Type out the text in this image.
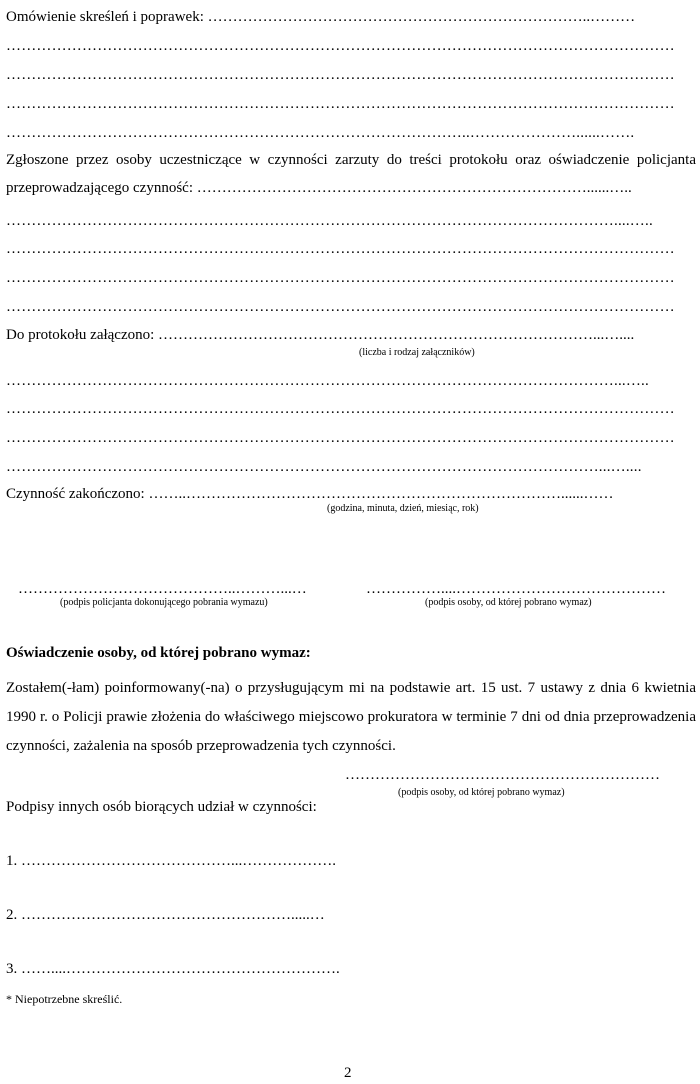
Omówienie skreśleń i poprawek: …………………………………………………………………..………
……………………………………………………………………………………………………………………
……………………………………………………………………………………………………………………
……………………………………………………………………………………………………………………
………………………………………………………………………………..…………………......…….
Zgłoszone przez osoby uczestniczące w czynności zarzuty do treści protokołu oraz oświadczenie policjanta przeprowadzającego czynność: ……………………………………………………………………......…..
…………………………………………………………………………………………………………....…..
……………………………………………………………………………………………………………………
……………………………………………………………………………………………………………………
……………………………………………………………………………………………………………………
Do protokołu załączono: ……………………………………………………………………………...…....
(liczba i rodzaj załączników)
…………………………………………………………………………………………………………...…..
……………………………………………………………………………………………………………………
……………………………………………………………………………………………………………………
………………………………………………………………………………………………………...…....
Czynność zakończono: ……..…………………………………………………………………......……
(godzina, minuta, dzień, miesiąc, rok)
……………………………………..………...…
(podpis policjanta dokonującego pobrania wymazu)
……………....……………………………………
(podpis osoby, od której pobrano wymaz)
Oświadczenie osoby, od której pobrano wymaz:
Zostałem(-łam) poinformowany(-na) o przysługującym mi na podstawie art. 15 ust. 7 ustawy z dnia 6 kwietnia 1990 r. o Policji prawie złożenia do właściwego miejscowo prokuratora w terminie 7 dni od dnia przeprowadzenia czynności, zażalenia na sposób przeprowadzenia tych czynności.
………………………………………………………
(podpis osoby, od której pobrano wymaz)
Podpisy innych osób biorących udział w czynności:
1. ……………………………………...……………….
2. ……………………………………………….....…
3. ……....……………………………………………….
* Niepotrzebne skreślić.
2
